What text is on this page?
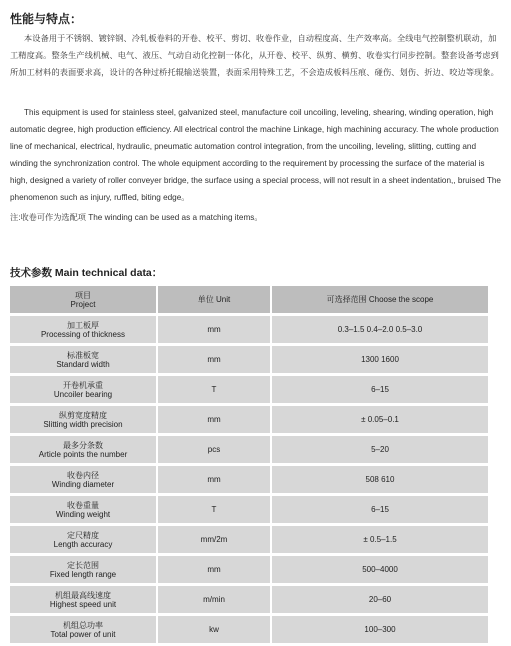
性能与特点：
本设备用于不锈钢、镀锌钢、冷轧板卷料的开卷、校平、剪切、收卷作业，自动程度高、生产效率高。全线电气控制整机联动，加工精度高。整条生产线机械、电气、液压、气动自动化控制一体化，从开卷、校平、纵剪、横剪、收卷实行同步控制。整套设备考虑到所加工材料的表面要求高，设计的各种过桥托辊输送装置，表面采用特殊工艺，不会造成板料压痕、碰伤、划伤、折边、咬边等现象。
This equipment is used for stainless steel, galvanized steel, manufacture coil uncoiling, leveling, shearing, winding operation, high automatic degree, high production efficiency. All electrical control the machine Linkage, high machining accuracy. The whole production line of mechanical, electrical, hydraulic, pneumatic automation control integration, from the uncoiling, leveling, slitting, cutting and winding the synchronization control. The whole equipment according to the requirement by processing the surface of the material is high, designed a variety of roller conveyer bridge, the surface using a special process, will not result in a sheet indentation,, bruised The phenomenon such as injury, ruffled, biting edge。
注:收卷可作为选配项 The winding can be used as a matching items。
技术参数 Main technical data：
项目
Project	单位 Unit	可选择范围 Choose the scope

加工板厚
Processing of thickness	mm	0.3–1.5 0.4–2.0 0.5–3.0

标准板宽
Standard width	mm	1300 1600

开卷机承重
Uncoiler bearing	T	6–15

纵剪宽度精度
Slitting width precision	mm	± 0.05–0.1

最多分条数
Article points the number	pcs	5–20

收卷内径
Winding diameter	mm	508 610

收卷重量
Winding weight	T	6–15

定尺精度
Length accuracy	mm/2m	± 0.5–1.5

定长范围
Fixed length range	mm	500–4000

机组最高线速度
Highest speed unit	m/min	20–60

机组总功率
Total power of unit	kw	100–300
